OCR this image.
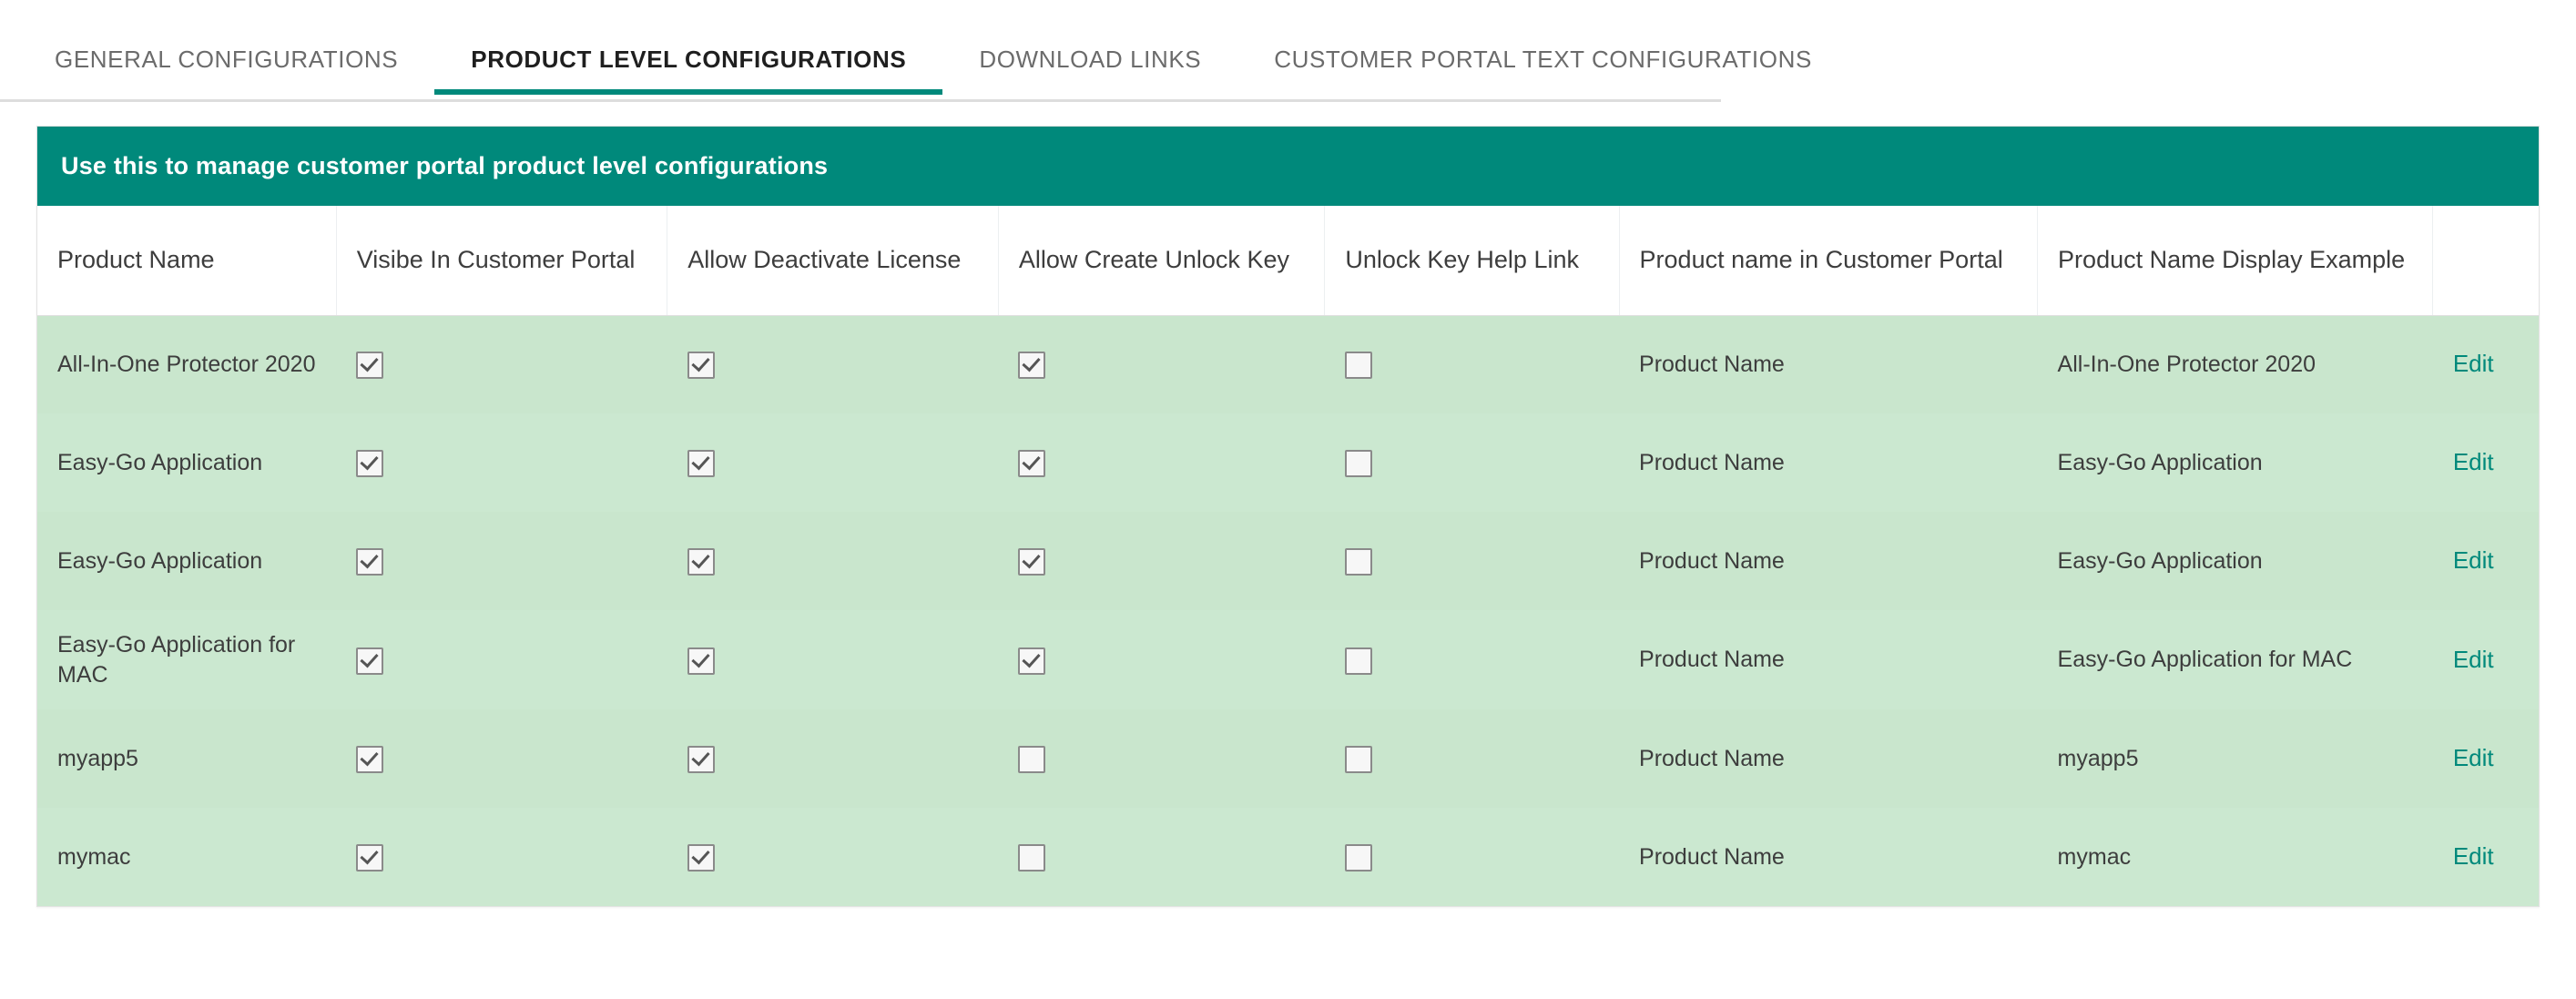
GENERAL CONFIGURATIONS	PRODUCT LEVEL CONFIGURATIONS	DOWNLOAD LINKS	CUSTOMER PORTAL TEXT CONFIGURATIONS
Use this to manage customer portal product level configurations
Product Name	Visibe In Customer Portal	Allow Deactivate License	Allow Create Unlock Key	Unlock Key Help Link	Product name in Customer Portal	Product Name Display Example	
All-In-One Protector 2020					Product Name	All-In-One Protector 2020	Edit
Easy-Go Application					Product Name	Easy-Go Application	Edit
Easy-Go Application					Product Name	Easy-Go Application	Edit
Easy-Go Application for MAC					Product Name	Easy-Go Application for MAC	Edit
myapp5					Product Name	myapp5	Edit
mymac					Product Name	mymac	Edit
